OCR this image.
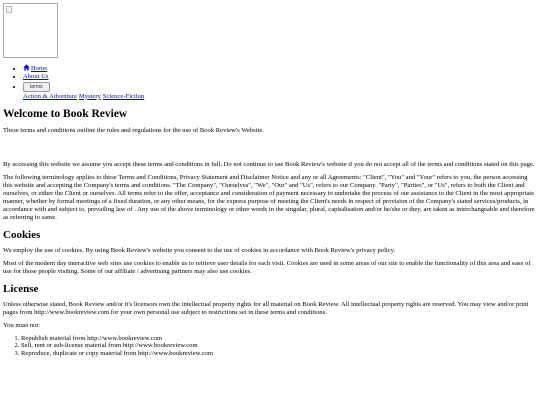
• Home
• About Us
• terms
Action & Adventure Mystery Science-Fiction
Welcome to Book Review

These terms and conditions outline the rules and regulations for the use of Book Review's Website.

By accessing this website we assume you accept these terms and conditions in full. Do not continue to use Book Review's website if you do not accept all of the terms and conditions stated on this page.

The following terminology applies to these Terms and Conditions, Privacy Statement and Disclaimer Notice and any or all Agreements: "Client", "You" and "Your" refers to you, the person accessing this website and accepting the Company's terms and conditions. "The Company", "Ourselves", "We", "Our" and "Us", refers to our Company. "Party", "Parties", or "Us", refers to both the Client and ourselves, or either the Client or ourselves. All terms refer to the offer, acceptance and consideration of payment necessary to undertake the process of our assistance to the Client in the most appropriate manner, whether by formal meetings of a fixed duration, or any other means, for the express purpose of meeting the Client's needs in respect of provision of the Company's stated services/products, in accordance with and subject to, prevailing law of . Any use of the above terminology or other words in the singular, plural, capitalisation and/or he/she or they, are taken as interchangeable and therefore as referring to same.

Cookies

We employ the use of cookies. By using Book Review's website you consent to the use of cookies in accordance with Book Review's privacy policy.

Most of the modern day interactive web sites use cookies to enable us to retrieve user details for each visit. Cookies are used in some areas of our site to enable the functionality of this area and ease of use for those people visiting. Some of our affiliate / advertising partners may also use cookies.

License

Unless otherwise stated, Book Review and/or it's licensors own the intellectual property rights for all material on Book Review. All intellectual property rights are reserved. You may view and/or print pages from http://www.bookreview.com for your own personal use subject to restrictions set in these terms and conditions.

You must not:

1. Republish material from http://www.bookreview.com
2. Sell, rent or sub-license material from http://www.bookreview.com
3. Reproduce, duplicate or copy material from http://www.bookreview.com
